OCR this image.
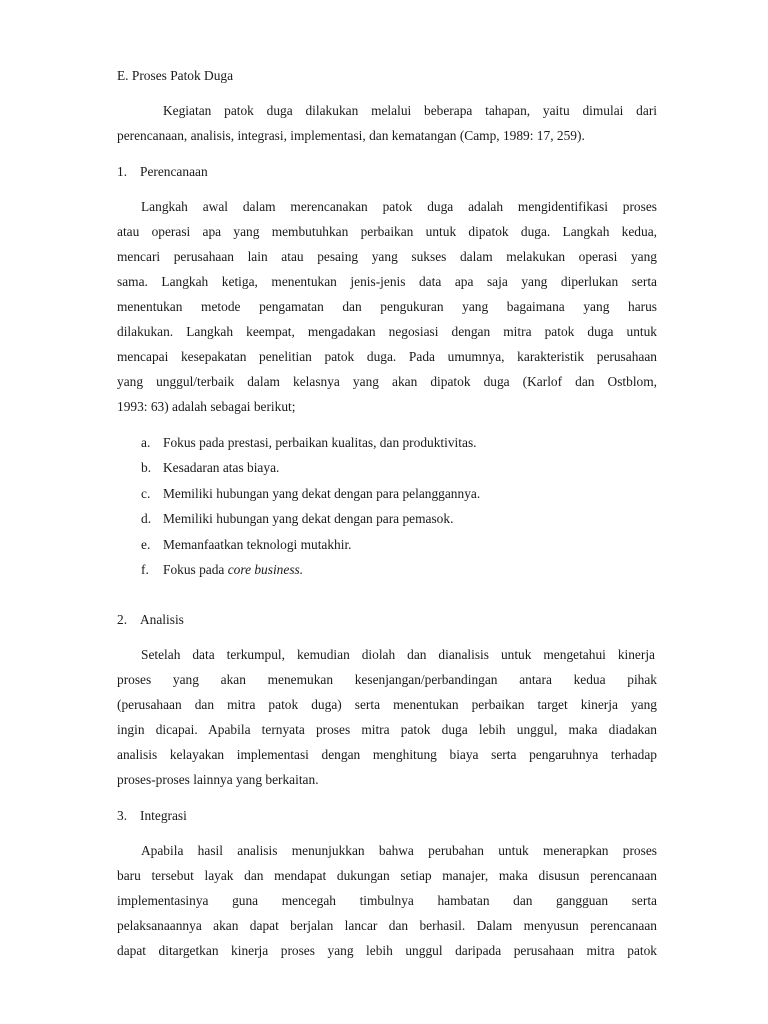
E. Proses Patok Duga
Kegiatan patok duga dilakukan melalui beberapa tahapan, yaitu dimulai dari
perencanaan, analisis, integrasi, implementasi, dan kematangan (Camp, 1989: 17, 259).
1. Perencanaan
Langkah awal dalam merencanakan patok duga adalah mengidentifikasi proses
atau operasi apa yang membutuhkan perbaikan untuk dipatok duga. Langkah kedua,
mencari perusahaan lain atau pesaing yang sukses dalam melakukan operasi yang
sama. Langkah ketiga, menentukan jenis-jenis data apa saja yang diperlukan serta
menentukan metode pengamatan dan pengukuran yang bagaimana yang harus
dilakukan. Langkah keempat, mengadakan negosiasi dengan mitra patok duga untuk
mencapai kesepakatan penelitian patok duga. Pada umumnya, karakteristik perusahaan
yang unggul/terbaik dalam kelasnya yang akan dipatok duga (Karlof dan Ostblom,
1993: 63) adalah sebagai berikut;
a. Fokus pada prestasi, perbaikan kualitas, dan produktivitas.
b. Kesadaran atas biaya.
c. Memiliki hubungan yang dekat dengan para pelanggannya.
d. Memiliki hubungan yang dekat dengan para pemasok.
e. Memanfaatkan teknologi mutakhir.
f. Fokus pada core business.
2. Analisis
Setelah data terkumpul, kemudian diolah dan dianalisis untuk mengetahui kinerja
proses yang akan menemukan kesenjangan/perbandingan antara kedua pihak
(perusahaan dan mitra patok duga) serta menentukan perbaikan target kinerja yang
ingin dicapai. Apabila ternyata proses mitra patok duga lebih unggul, maka diadakan
analisis kelayakan implementasi dengan menghitung biaya serta pengaruhnya terhadap
proses-proses lainnya yang berkaitan.
3. Integrasi
Apabila hasil analisis menunjukkan bahwa perubahan untuk menerapkan proses
baru tersebut layak dan mendapat dukungan setiap manajer, maka disusun perencanaan
implementasinya guna mencegah timbulnya hambatan dan gangguan serta
pelaksanaannya akan dapat berjalan lancar dan berhasil. Dalam menyusun perencanaan
dapat ditargetkan kinerja proses yang lebih unggul daripada perusahaan mitra patok
